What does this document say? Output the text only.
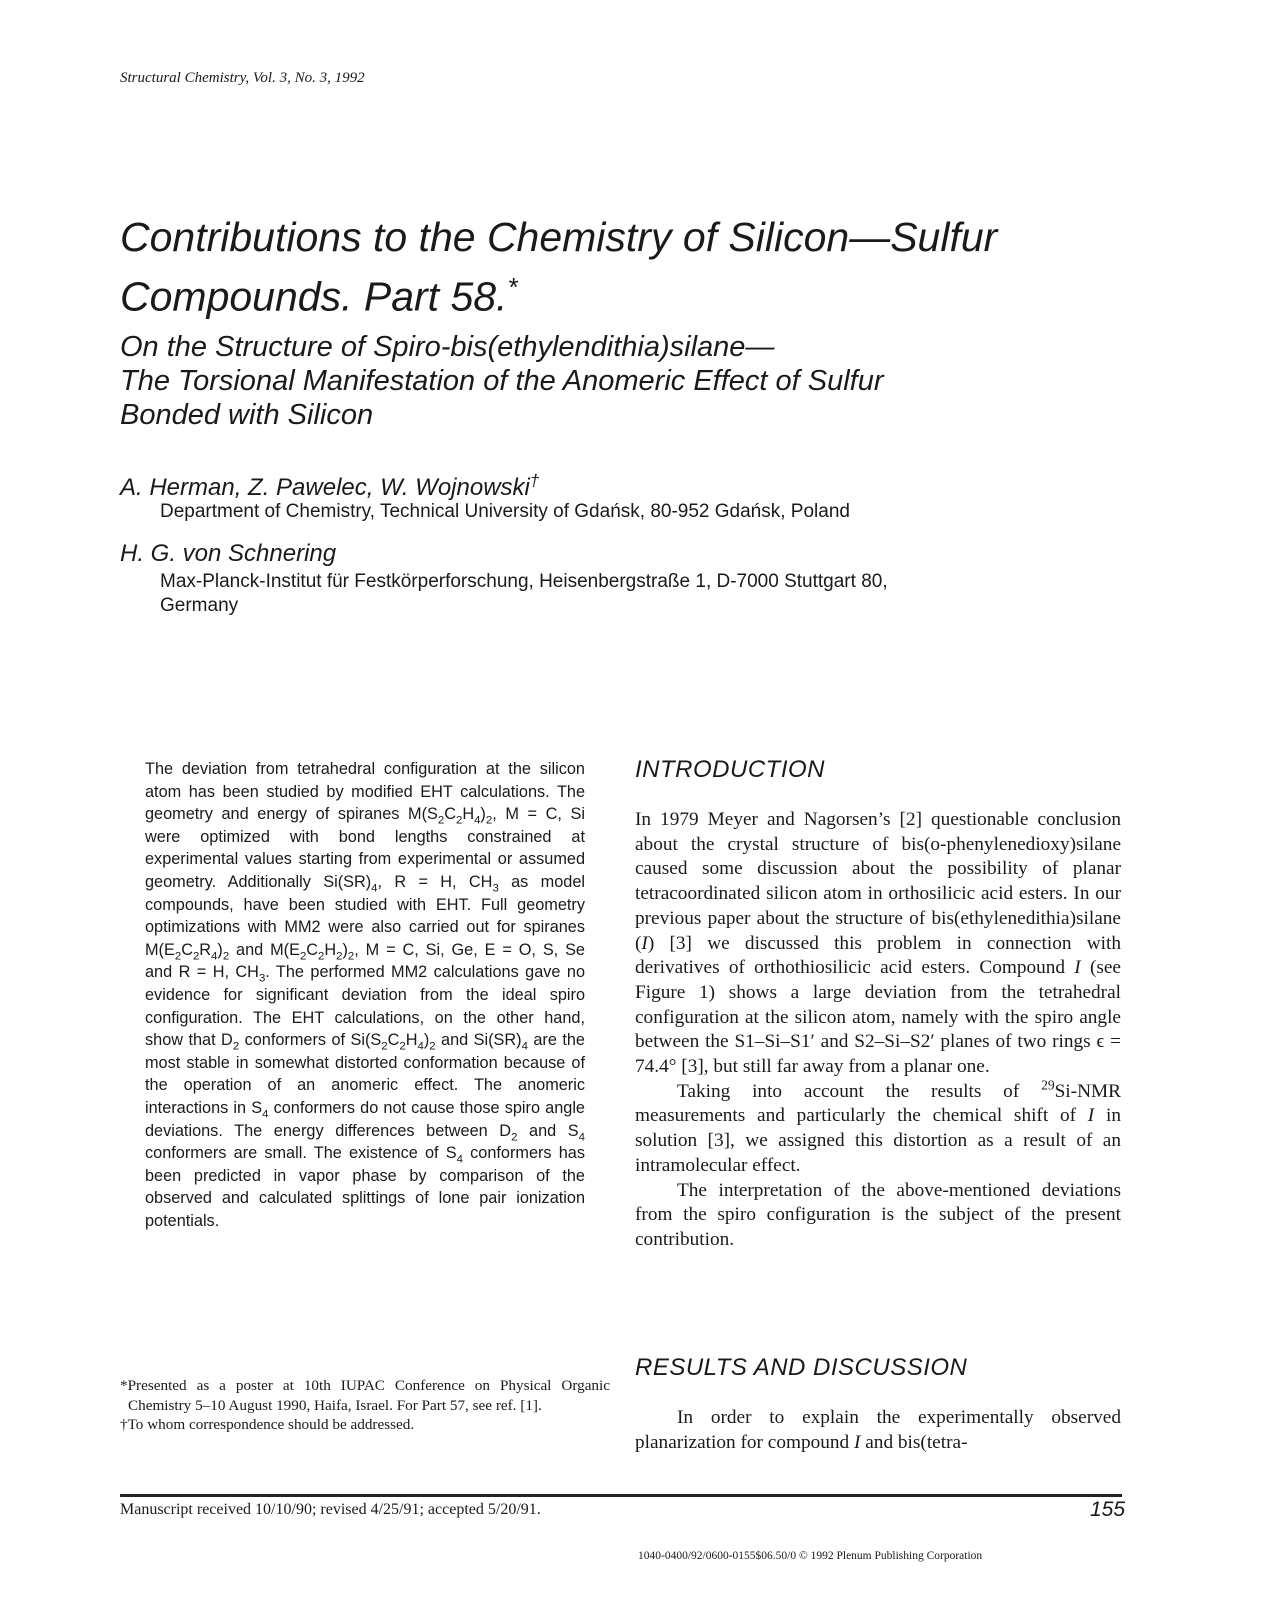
Structural Chemistry, Vol. 3, No. 3, 1992
Contributions to the Chemistry of Silicon—Sulfur
Compounds. Part 58.*
On the Structure of Spiro-bis(ethylendithia)silane—
The Torsional Manifestation of the Anomeric Effect of Sulfur
Bonded with Silicon
A. Herman, Z. Pawelec, W. Wojnowski†
Department of Chemistry, Technical University of Gdańsk, 80-952 Gdańsk, Poland
H. G. von Schnering
Max-Planck-Institut für Festkörperforschung, Heisenbergstraße 1, D-7000 Stuttgart 80,
Germany

The deviation from tetrahedral configuration at the silicon atom has been studied by modified EHT calculations. The geometry and energy of spiranes $M(S_2C_2H_4)_2$, M = C, Si were optimized with bond lengths constrained at experimental values starting from experimental or assumed geometry. Additionally $Si(SR)_4$, R = H, $CH_3$ as model compounds, have been studied with EHT. Full geometry optimizations with MM2 were also carried out for spiranes $M(E_2C_2R_4)_2$ and $M(E_2C_2H_2)_2$, M = C, Si, Ge, E = O, S, Se and R = H, $CH_3$. The performed MM2 calculations gave no evidence for significant deviation from the ideal spiro configuration. The EHT calculations, on the other hand, show that $D_2$ conformers of $Si(S_2C_2H_4)_2$ and $Si(SR)_4$ are the most stable in somewhat distorted conformation because of the operation of an anomeric effect. The anomeric interactions in $S_4$ conformers do not cause those spiro angle deviations. The energy differences between $D_2$ and $S_4$ conformers are small. The existence of $S_4$ conformers has been predicted in vapor phase by comparison of the observed and calculated splittings of lone pair ionization potentials.

INTRODUCTION

In 1979 Meyer and Nagorsen’s [2] questionable conclusion about the crystal structure of bis(o-phenylenedioxy)silane caused some discussion about the possibility of planar tetracoordinated silicon atom in orthosilicic acid esters. In our previous paper about the structure of bis(ethylenedithia)silane (I) [3] we discussed this problem in connection with derivatives of orthothiosilicic acid esters. Compound I (see Figure 1) shows a large deviation from the tetrahedral configuration at the silicon atom, namely with the spiro angle between the S1–Si–S1′ and S2–Si–S2′ planes of two rings ϵ = 74.4° [3], but still far away from a planar one.

Taking into account the results of $^{29}$Si-NMR measurements and particularly the chemical shift of I in solution [3], we assigned this distortion as a result of an intramolecular effect.

The interpretation of the above-mentioned deviations from the spiro configuration is the subject of the present contribution.

RESULTS AND DISCUSSION
In order to explain the experimentally observed planarization for compound I and bis(tetra-

*Presented as a poster at 10th IUPAC Conference on Physical Organic Chemistry 5–10 August 1990, Haifa, Israel. For Part 57, see ref. [1].

†To whom correspondence should be addressed.

Manuscript received 10/10/90; revised 4/25/91; accepted 5/20/91.	155
1040-0400/92/0600-0155$06.50/0 © 1992 Plenum Publishing Corporation
